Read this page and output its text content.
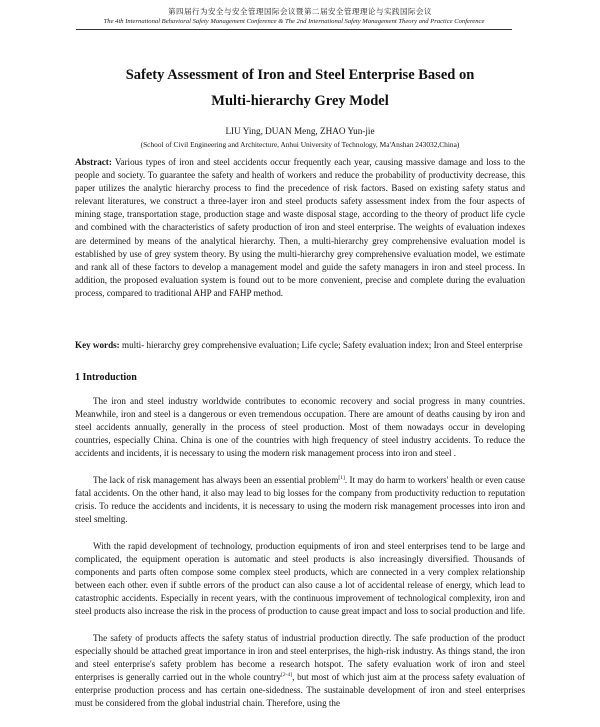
第四届行为安全与安全管理国际会议暨第二届安全管理理论与实践国际会议
The 4th International Behavioral Safety Management Conference & The 2nd International Safety Management Theory and Practice Conference
Safety Assessment of Iron and Steel Enterprise Based on
Multi-hierarchy Grey Model
LIU Ying, DUAN Meng, ZHAO Yun-jie
(School of Civil Engineering and Architecture, Anhui University of Technology, Ma'Anshan 243032,China)

Abstract: Various types of iron and steel accidents occur frequently each year, causing massive damage and loss to the people and society. To guarantee the safety and health of workers and reduce the probability of productivity decrease, this paper utilizes the analytic hierarchy process to find the precedence of risk factors. Based on existing safety status and relevant literatures, we construct a three-layer iron and steel products safety assessment index from the four aspects of mining stage, transportation stage, production stage and waste disposal stage, according to the theory of product life cycle and combined with the characteristics of safety production of iron and steel enterprise. The weights of evaluation indexes are determined by means of the analytical hierarchy. Then, a multi-hierarchy grey comprehensive evaluation model is established by use of grey system theory. By using the multi-hierarchy grey comprehensive evaluation model, we estimate and rank all of these factors to develop a management model and guide the safety managers in iron and steel process. In addition, the proposed evaluation system is found out to be more convenient, precise and complete during the evaluation process, compared to traditional AHP and FAHP method.

Key words: multi- hierarchy grey comprehensive evaluation; Life cycle; Safety evaluation index; Iron and Steel enterprise

1 Introduction

The iron and steel industry worldwide contributes to economic recovery and social progress in many countries. Meanwhile, iron and steel is a dangerous or even tremendous occupation. There are amount of deaths causing by iron and steel accidents annually, generally in the process of steel production. Most of them nowadays occur in developing countries, especially China. China is one of the countries with high frequency of steel industry accidents. To reduce the accidents and incidents, it is necessary to using the modern risk management process into iron and steel .

The lack of risk management has always been an essential problem[1]. It may do harm to workers' health or even cause fatal accidents. On the other hand, it also may lead to big losses for the company from productivity reduction to reputation crisis. To reduce the accidents and incidents, it is necessary to using the modern risk management processes into iron and steel smelting.

With the rapid development of technology, production equipments of iron and steel enterprises tend to be large and complicated, the equipment operation is automatic and steel products is also increasingly diversified. Thousands of components and parts often compose some complex steel products, which are connected in a very complex relationship between each other. even if subtle errors of the product can also cause a lot of accidental release of energy, which lead to catastrophic accidents. Especially in recent years, with the continuous improvement of technological complexity, iron and steel products also increase the risk in the process of production to cause great impact and loss to social production and life.

The safety of products affects the safety status of industrial production directly. The safe production of the product especially should be attached great importance in iron and steel enterprises, the high-risk industry. As things stand, the iron and steel enterprise's safety problem has become a research hotspot. The safety evaluation work of iron and steel enterprises is generally carried out in the whole country[2-4], but most of which just aim at the process safety evaluation of enterprise production process and has certain one-sidedness. The sustainable development of iron and steel enterprises must be considered from the global industrial chain. Therefore, using the
